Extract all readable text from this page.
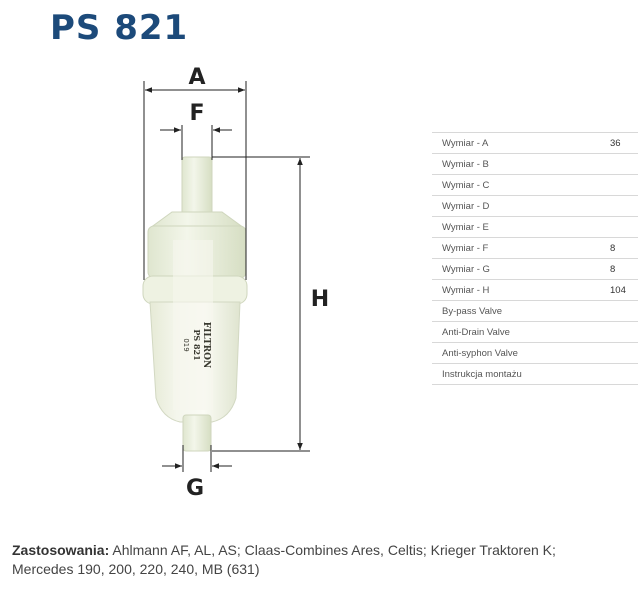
PS 821
FILTRON
PS 821
019
A
F
H
G
Wymiar - A	36
Wymiar - B	
Wymiar - C	
Wymiar - D	
Wymiar - E	
Wymiar - F	8
Wymiar - G	8
Wymiar - H	104
By-pass Valve	
Anti-Drain Valve	
Anti-syphon Valve	
Instrukcja montażu	
Zastosowania: Ahlmann AF, AL, AS; Claas-Combines Ares, Celtis; Krieger Traktoren K; Mercedes 190, 200, 220, 240, MB (631)
